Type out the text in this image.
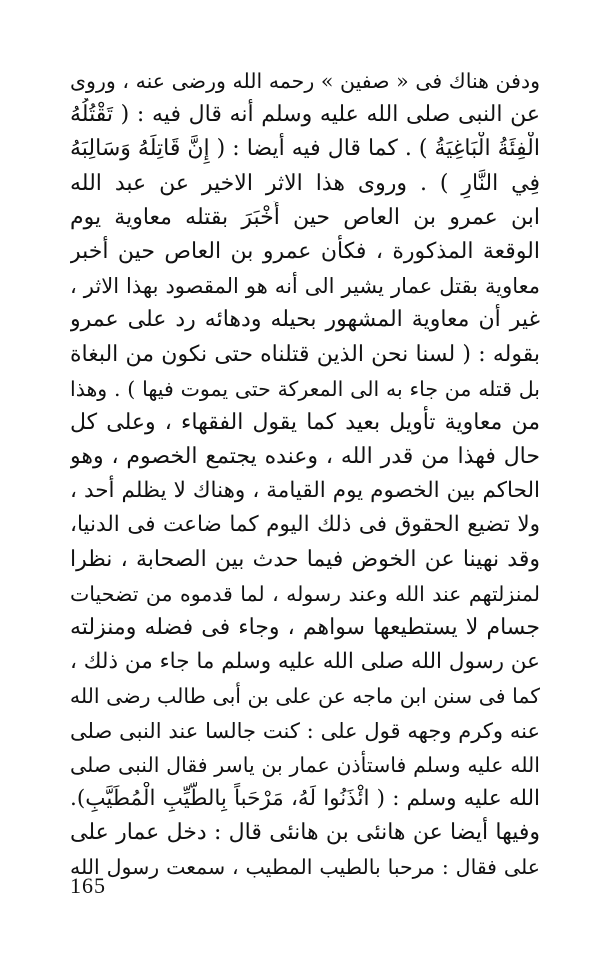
ودفن هناك فى « صفين » رحمه الله ورضى عنه ، وروى
عن النبى صلى الله عليه وسلم أنه قال فيه : ( تَقْتُلُهُ
الْفِئَةُ الْبَاغِيَةُ ) . كما قال فيه أيضا : ( إِنَّ قَاتِلَهُ وَسَالِبَهُ
فِي النَّارِ ) . وروى هذا الاثر الاخير عن عبد الله
ابن عمرو بن العاص حين أَخْبَرَ بقتله معاوية يوم
الوقعة المذكورة ، فكأن عمرو بن العاص حين أخبر
معاوية بقتل عمار يشير الى أنه هو المقصود بهذا الاثر ،
غير أن معاوية المشهور بحيله ودهائه رد على عمرو
بقوله : ( لسنا نحن الذين قتلناه حتى نكون من البغاة
بل قتله من جاء به الى المعركة حتى يموت فيها ) . وهذا
من معاوية تأويل بعيد كما يقول الفقهاء ، وعلى كل
حال فهذا من قدر الله ، وعنده يجتمع الخصوم ، وهو
الحاكم بين الخصوم يوم القيامة ، وهناك لا يظلم أحد ،
ولا تضيع الحقوق فى ذلك اليوم كما ضاعت فى الدنيا،
وقد نهينا عن الخوض فيما حدث بين الصحابة ، نظرا
لمنزلتهم عند الله وعند رسوله ، لما قدموه من تضحيات
جسام لا يستطيعها سواهم ، وجاء فى فضله ومنزلته
عن رسول الله صلى الله عليه وسلم ما جاء من ذلك ،
كما فى سنن ابن ماجه عن على بن أبى طالب رضى الله
عنه وكرم وجهه قول على : كنت جالسا عند النبى صلى
الله عليه وسلم فاستأذن عمار بن ياسر فقال النبى صلى
الله عليه وسلم : ( ائْذَنُوا لَهُ، مَرْحَباً بِالطَّيِّبِ الْمُطَيَّبِ).
وفيها أيضا عن هانئى بن هانئى قال : دخل عمار على
على فقال : مرحبا بالطيب المطيب ، سمعت رسول الله
165
